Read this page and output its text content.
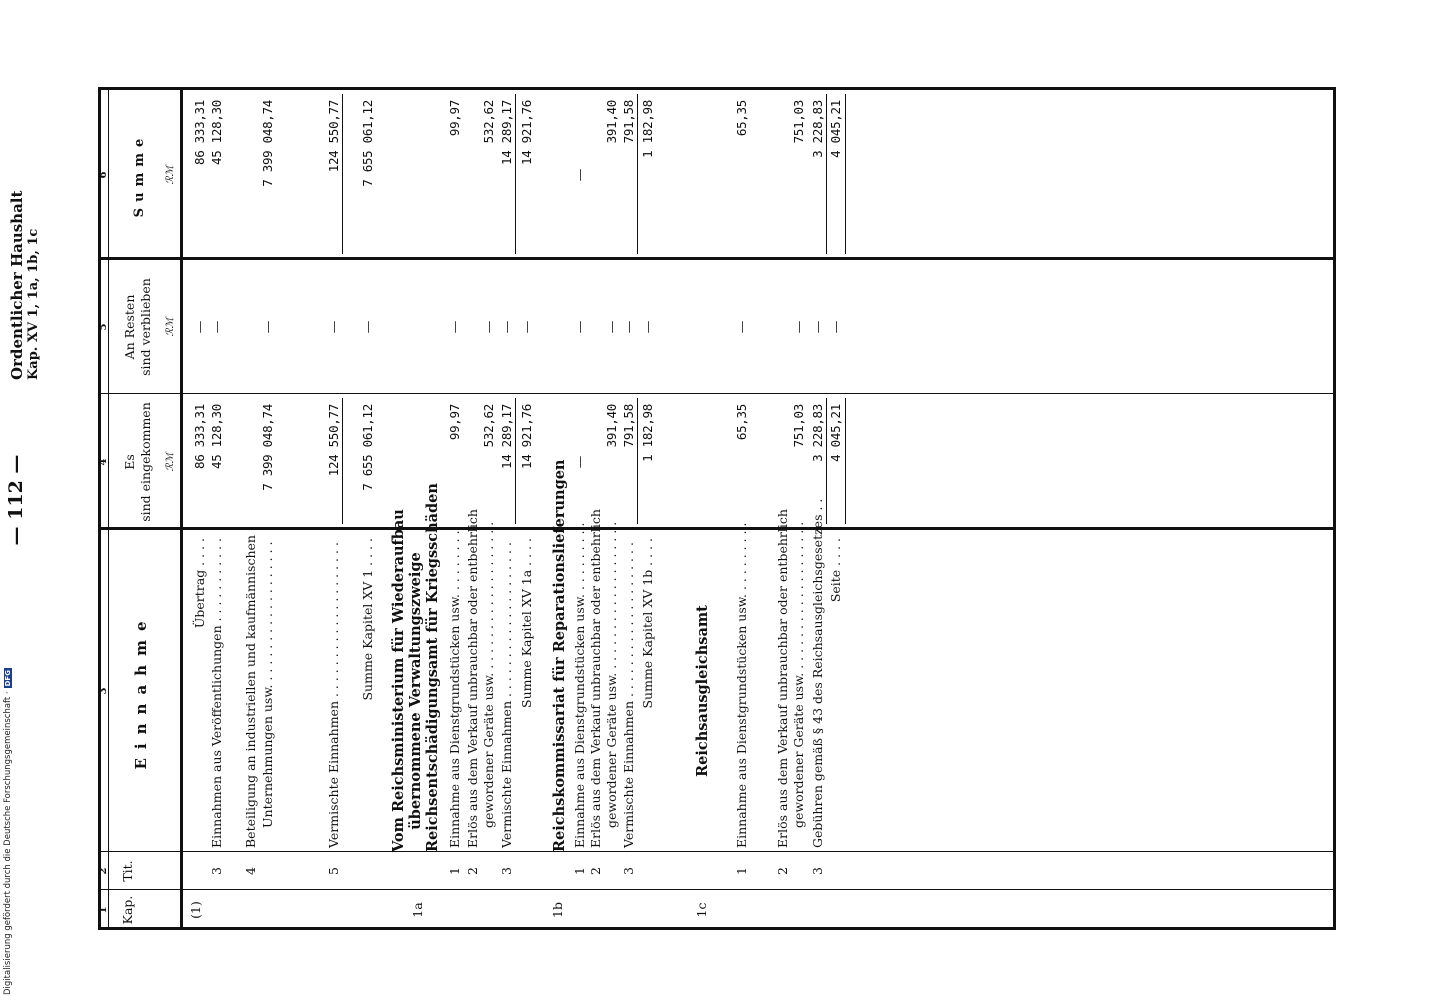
Digitalisierung gefördert durch die Deutsche Forschungsgemeinschaft ·DFG
— 112 —
Ordentlicher Haushalt Kap. XV 1, 1a, 1b, 1c
1
2
3
4
5
6
Kap.
Tit.
Einnahme
Es sind eingekommen
An Resten sind verblieben
Summe
ℛℳ
ℛℳ
ℛℳ
(1)
Übertrag . . . .
86 333,31
—
86 333,31
3
Einnahmen aus Veröffentlichungen . . . . . . . . . . .
45 128,30
—
45 128,30
4
Beteiligung an industriellen und kaufmännischen Unternehmungen usw. . . . . . . . . . . . . . . . . . .
7 399 048,74
—
7 399 048,74
5
Vermischte Einnahmen . . . . . . . . . . . . . . . . . . . .
124 550,77
—
124 550,77
Summe Kapitel XV 1 . . . .
7 655 061,12
—
7 655 061,12
1a
Vom Reichsministerium für Wiederaufbau übernommene Verwaltungszweige Reichsentschädigungsamt für Kriegsschäden
1
Einnahme aus Dienstgrundstücken usw. . . . . . . . .
99,97
—
99,97
2
Erlös aus dem Verkauf unbrauchbar oder entbehrlich gewordener Geräte usw. . . . . . . . . . . . . . . . . . . .
532,62
—
532,62
3
Vermischte Einnahmen . . . . . . . . . . . . . . . . . . . .
14 289,17
—
14 289,17
Summe Kapitel XV 1a . . . .
14 921,76
—
14 921,76
1b
Reichskommissariat für Reparationslieferungen
1
Einnahme aus Dienstgrundstücken usw. . . . . . . . . .
—
—
—
2
Erlös aus dem Verkauf unbrauchbar oder entbehrlich gewordener Geräte usw. . . . . . . . . . . . . . . . . . . .
391,40
—
391,40
3
Vermischte Einnahmen . . . . . . . . . . . . . . . . . . . .
791,58
—
791,58
Summe Kapitel XV 1b . . . .
1 182,98
—
1 182,98
1c
Reichsausgleichsamt
1
Einnahme aus Dienstgrundstücken usw. . . . . . . . . .
65,35
—
65,35
2
Erlös aus dem Verkauf unbrauchbar oder entbehrlich gewordener Geräte usw. . . . . . . . . . . . . . . . . . . .
751,03
—
751,03
3
Gebühren gemäß § 43 des Reichsausgleichsgesetzes . .
3 228,83
—
3 228,83
Seite . . . .
4 045,21
—
4 045,21
